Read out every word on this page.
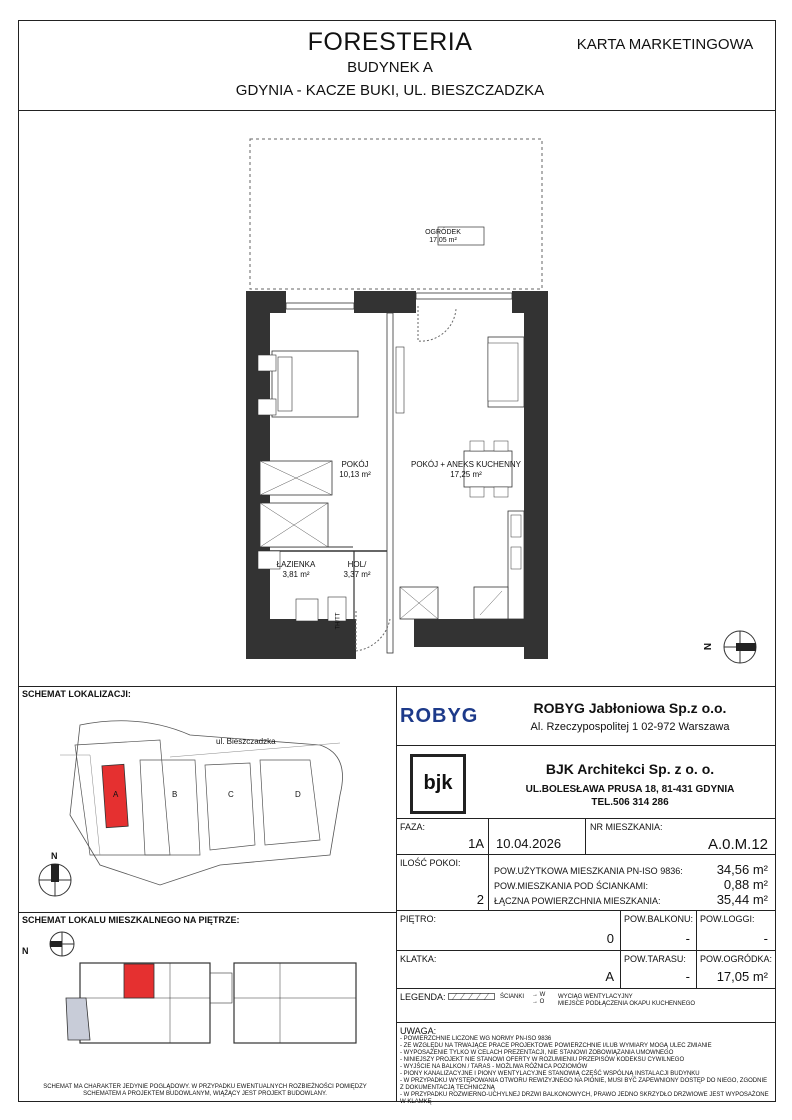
FORESTERIA
BUDYNEK A
GDYNIA - KACZE BUKI, UL. BIESZCZADZKA
KARTA MARKETINGOWA
OGRÓDEK
17,05 m²
POKÓJ
10,13 m²
POKÓJ + ANEKS KUCHENNY
17,25 m²
ŁAZIENKA
3,81 m²
HOL/
3,37 m²
TH/TT
N
SCHEMAT LOKALIZACJI:
ul. Bieszczadzka
A	B	C	D
N
SCHEMAT LOKALU MIESZKALNEGO NA PIĘTRZE:
N
SCHEMAT MA CHARAKTER JEDYNIE POGLĄDOWY. W PRZYPADKU EWENTUALNYCH ROZBIEŻNOŚCI POMIĘDZY SCHEMATEM A PROJEKTEM BUDOWLANYM, WIĄŻĄCY JEST PROJEKT BUDOWLANY.
ROBYG	ROBYG Jabłoniowa Sp.z o.o.
Al. Rzeczypospolitej 1 02-972 Warszawa
bjk
BJK Architekci Sp. z o. o.
UL.BOLESŁAWA PRUSA 18, 81-431 GDYNIA
TEL.506 314 286
FAZA:
1A 10.04.2026
NR MIESZKANIA:
A.0.M.12
ILOŚĆ POKOI:
2
POW.UŻYTKOWA MIESZKANIA PN-ISO 9836:	34,56 m²
POW.MIESZKANIA POD ŚCIANKAMI:	0,88 m²
ŁĄCZNA POWIERZCHNIA MIESZKANIA:	35,44 m²
PIĘTRO:
0
POW.BALKONU:
-
POW.LOGGI:
-
KLATKA:
A
POW.TARASU:
-
POW.OGRÓDKA:
17,05 m²
LEGENDA:	ŚCIANKI → W
→ O
WYCIĄG WENTYLACYJNY
MIEJSCE PODŁĄCZENIA OKAPU KUCHENNEGO
UWAGA:
- POWIERZCHNIE LICZONE WG NORMY PN-ISO 9836
- ZE WZGLĘDU NA TRWAJĄCE PRACE PROJEKTOWE POWIERZCHNIE I/LUB WYMIARY MOGĄ ULEC ZMIANIE
- WYPOSAŻENIE TYLKO W CELACH PREZENTACJI, NIE STANOWI ZOBOWIĄZANIA UMOWNEGO
- NINIEJSZY PROJEKT NIE STANOWI OFERTY W ROZUMIENIU PRZEPISÓW KODEKSU CYWILNEGO
- WYJŚCIE NA BALKON / TARAS - MOŻLIWA RÓŻNICA POZIOMÓW
- PIONY KANALIZACYJNE I PIONY WENTYLACYJNE STANOWIĄ CZĘŚĆ WSPÓLNĄ INSTALACJI BUDYNKU
- W PRZYPADKU WYSTĘPOWANIA OTWORU REWIZYJNEGO NA PIONIE, MUSI BYĆ ZAPEWNIONY DOSTĘP DO NIEGO, ZGODNIE Z DOKUMENTACJĄ TECHNICZNĄ
- W PRZYPADKU ROZWIERNO-UCHYLNEJ DRZWI BALKONOWYCH, PRAWO JEDNO SKRZYDŁO DRZWIOWE JEST WYPOSAŻONE W KLAMKĘ
